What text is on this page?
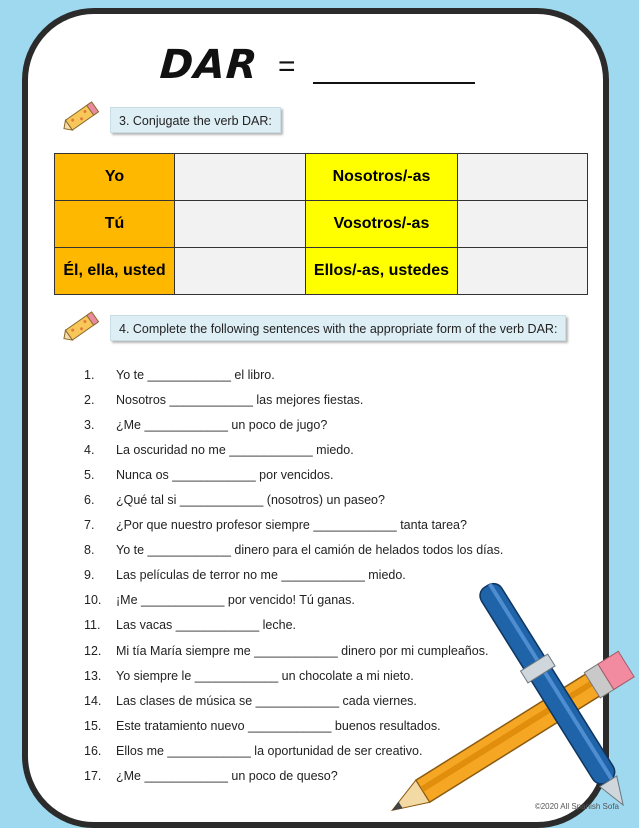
DAR =
3. Conjugate the verb DAR:
Yo		Nosotros/-as	
Tú		Vosotros/-as	
Él, ella, usted		Ellos/-as, ustedes	
4. Complete the following sentences with the appropriate form of the verb DAR:
1.	Yo te ____________ el libro.
2.	Nosotros ____________ las mejores fiestas.
3.	¿Me ____________ un poco de jugo?
4.	La oscuridad no me ____________ miedo.
5.	Nunca os ____________ por vencidos.
6.	¿Qué tal si ____________ (nosotros) un paseo?
7.	¿Por que nuestro profesor siempre ____________ tanta tarea?
8.	Yo te ____________ dinero para el camión de helados todos los días.
9.	Las películas de terror no me ____________ miedo.
10.	¡Me ____________ por vencido! Tú ganas.
11.	Las vacas ____________ leche.
12.	Mi tía María siempre me ____________ dinero por mi cumpleaños.
13.	Yo siempre le ____________ un chocolate a mi nieto.
14.	Las clases de música se ____________ cada viernes.
15.	Este tratamiento nuevo ____________ buenos resultados.
16.	Ellos me ____________ la oportunidad de ser creativo.
17.	¿Me ____________ un poco de queso?
©2020 All Spanish Sofa
